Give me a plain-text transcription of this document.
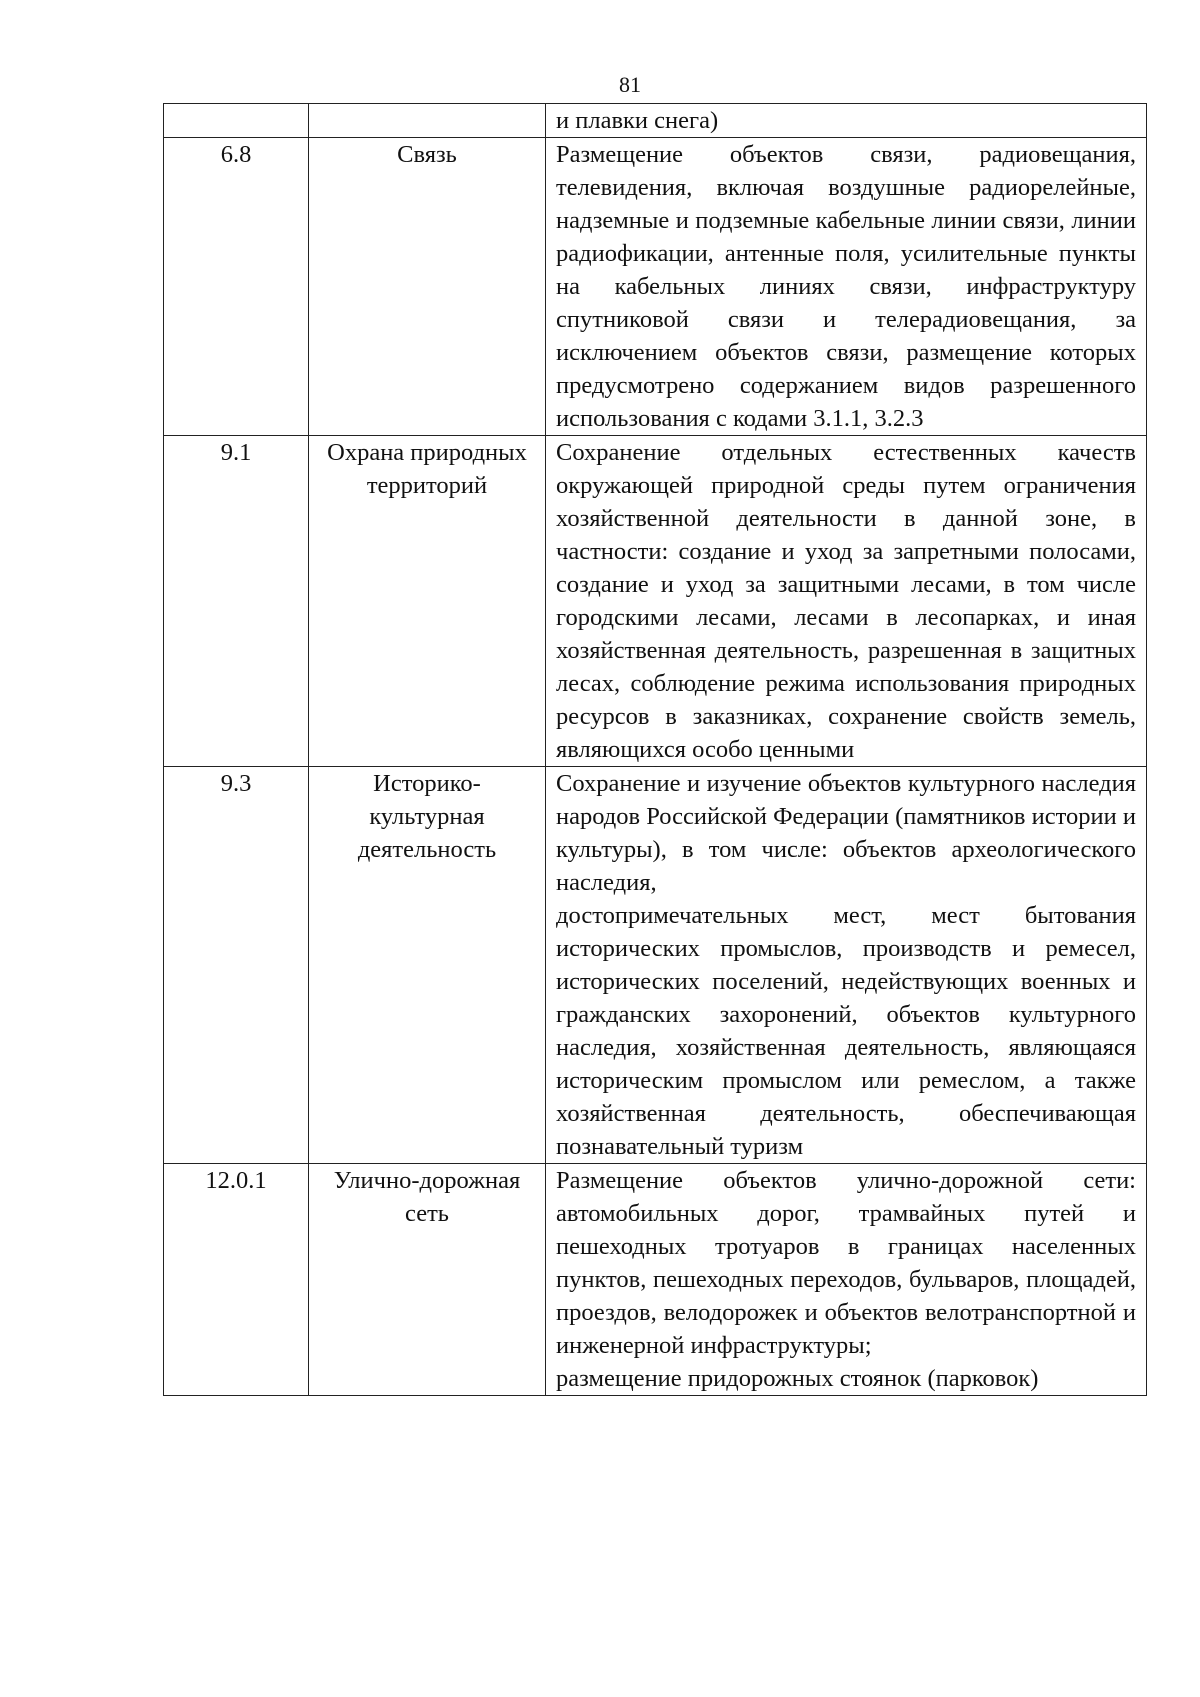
81

		и плавки снега)

6.8	Связь	Размещение объектов связи, радиовещания, телевидения, включая воздушные радиорелейные, надземные и подземные кабельные линии связи, линии радиофикации, антенные поля, усилительные пункты на кабельных линиях связи, инфраструктуру спутниковой связи и телерадиовещания, за исключением объектов связи, размещение которых предусмотрено содержанием видов разрешенного использования с кодами 3.1.1, 3.2.3

9.1	Охрана природных территорий	Сохранение отдельных естественных качеств окружающей природной среды путем ограничения хозяйственной деятельности в данной зоне, в частности: создание и уход за запретными полосами, создание и уход за защитными лесами, в том числе городскими лесами, лесами в лесопарках, и иная хозяйственная деятельность, разрешенная в защитных лесах, соблюдение режима использования природных ресурсов в заказниках, сохранение свойств земель, являющихся особо ценными

9.3	Историко-культурная деятельность	Сохранение и изучение объектов культурного наследия народов Российской Федерации (памятников истории и культуры), в том числе: объектов археологического наследия,
достопримечательных мест, мест бытования исторических промыслов, производств и ремесел, исторических поселений, недействующих военных и гражданских захоронений, объектов культурного наследия, хозяйственная деятельность, являющаяся историческим промыслом или ремеслом, а также хозяйственная деятельность, обеспечивающая познавательный туризм

12.0.1	Улично-дорожная сеть	Размещение объектов улично-дорожной сети: автомобильных дорог, трамвайных путей и пешеходных тротуаров в границах населенных пунктов, пешеходных переходов, бульваров, площадей, проездов, велодорожек и объектов велотранспортной и инженерной инфраструктуры;
размещение придорожных стоянок (парковок)
